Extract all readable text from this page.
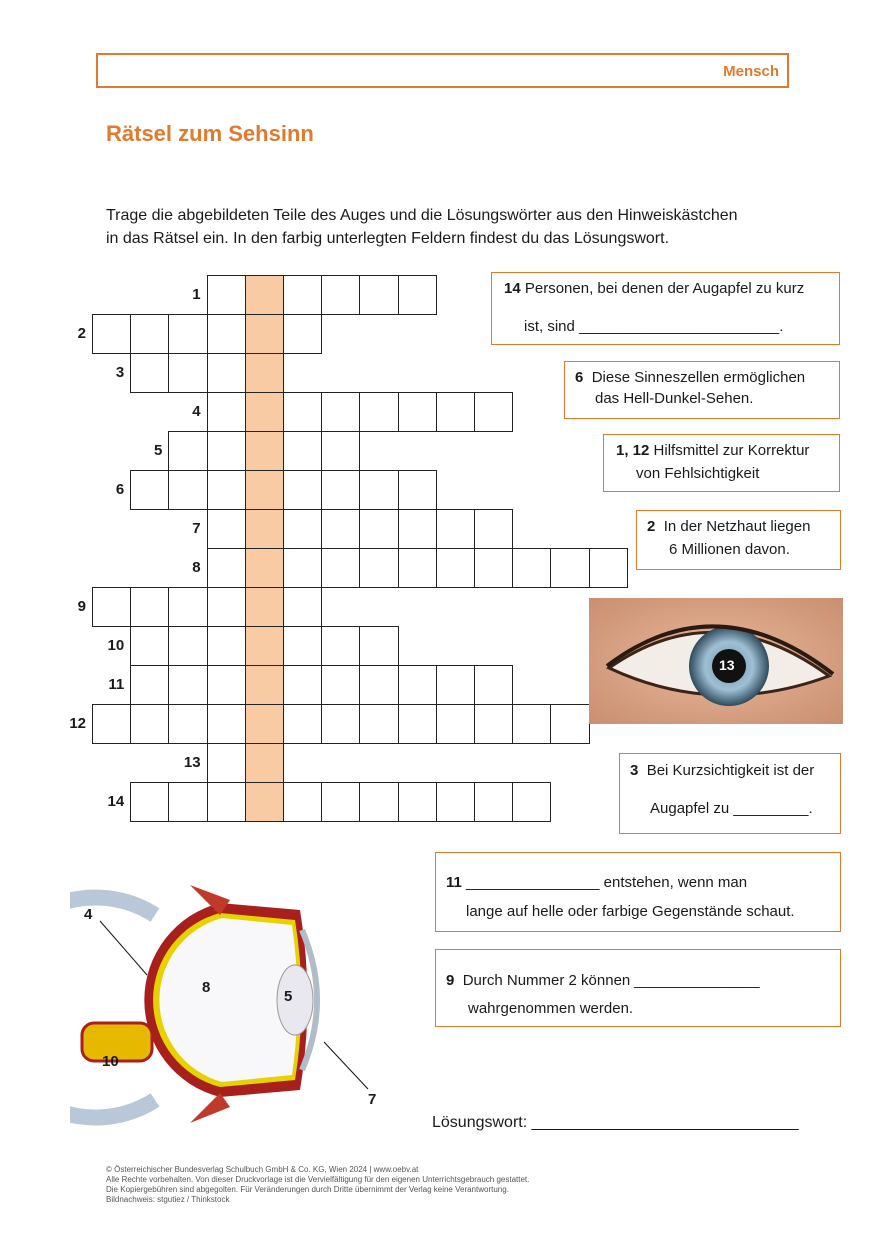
Mensch
Rätsel zum Sehsinn
Trage die abgebildeten Teile des Auges und die Lösungswörter aus den Hinweiskästchen
in das Rätsel ein. In den farbig unterlegten Feldern findest du das Lösungswort.
1
2
3
4
5
6
7
8
9
10
11
12
13
14
14 Personen, bei denen der Augapfel zu kurz
ist, sind ________________________.
6 Diese Sinneszellen ermöglichen
das Hell-Dunkel-Sehen.
1, 12 Hilfsmittel zur Korrektur
von Fehlsichtigkeit
2 In der Netzhaut liegen
6 Millionen davon.
13
3 Bei Kurzsichtigkeit ist der
Augapfel zu _________.
11 ________________ entstehen, wenn man
lange auf helle oder farbige Gegenstände schaut.
9 Durch Nummer 2 können _______________
wahrgenommen werden.
4
8
5
10
7
Lösungswort: ______________________________
© Österreichischer Bundesverlag Schulbuch GmbH & Co. KG, Wien 2024 | www.oebv.at
Alle Rechte vorbehalten. Von dieser Druckvorlage ist die Vervielfältigung für den eigenen Unterrichtsgebrauch gestattet.
Die Kopiergebühren sind abgegolten. Für Veränderungen durch Dritte übernimmt der Verlag keine Verantwortung.
Bildnachweis: stgutiez / Thinkstock
